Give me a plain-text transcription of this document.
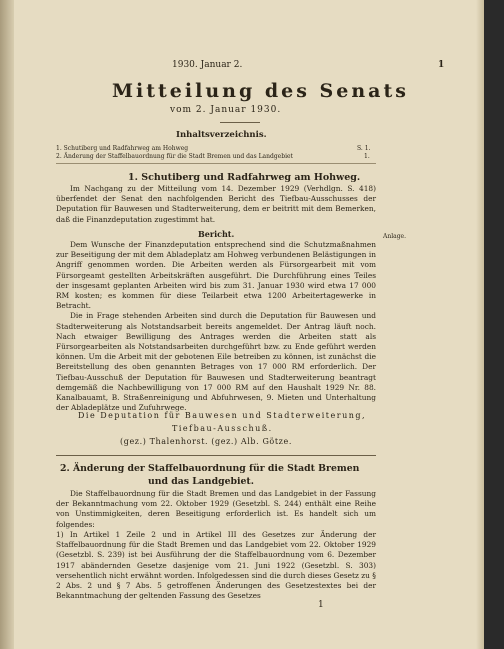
1930. Januar 2.	1
Mitteilung des Senats
vom 2. Januar 1930.
Inhaltsverzeichnis.
1. Schutiberg und Radfahrweg am Hohweg	S. 1.
2. Änderung der Staffelbauordnung für die Stadt Bremen und das Landgebiet	1.
1. Schutiberg und Radfahrweg am Hohweg.

Im Nachgang zu der Mitteilung vom 14. Dezember 1929 (Verhdlgn. S. 418) überfendet der Senat den nachfolgenden Bericht des Tiefbau-Ausschusses der Deputation für Bauwesen und Stadterweiterung, dem er beitritt mit dem Bemerken, daß die Finanzdeputation zugestimmt hat.

Bericht.	Anlage.

Dem Wunsche der Finanzdeputation entsprechend sind die Schutzmaßnahmen zur Beseitigung der mit dem Abladeplatz am Hohweg verbundenen Belästigungen in Angriff genommen worden. Die Arbeiten werden als Fürsorgearbeit mit vom Fürsorgeamt gestellten Arbeitskräften ausgeführt. Die Durchführung eines Teiles der insgesamt geplanten Arbeiten wird bis zum 31. Januar 1930 wird etwa 17 000 RM kosten; es kommen für diese Teilarbeit etwa 1200 Arbeitertagewerke in Betracht.

Die in Frage stehenden Arbeiten sind durch die Deputation für Bauwesen und Stadterweiterung als Notstandsarbeit bereits angemeldet. Der Antrag läuft noch. Nach etwaiger Bewilligung des Antrages werden die Arbeiten statt als Fürsorgearbeiten als Notstandsarbeiten durchgeführt bzw. zu Ende geführt werden können. Um die Arbeit mit der gebotenen Eile betreiben zu können, ist zunächst die Bereitstellung des oben genannten Betrages von 17 000 RM erforderlich. Der Tiefbau-Ausschuß der Deputation für Bauwesen und Stadterweiterung beantragt demgemäß die Nachbewilligung von 17 000 RM auf den Haushalt 1929 Nr. 88. Kanalbauamt, B. Straßenreinigung und Abfuhrwesen, 9. Mieten und Unterhaltung der Abladeplätze und Zufuhrwege.

Die Deputation für Bauwesen und Stadterweiterung,
Tiefbau-Ausschuß.
(gez.) Thalenhorst. (gez.) Alb. Götze.
2. Änderung der Staffelbauordnung für die Stadt Bremen
und das Landgebiet.

Die Staffelbauordnung für die Stadt Bremen und das Landgebiet in der Fassung der Bekanntmachung vom 22. Oktober 1929 (Gesetzbl. S. 244) enthält eine Reihe von Unstimmigkeiten, deren Beseitigung erforderlich ist. Es handelt sich um folgendes:

1) In Artikel 1 Zeile 2 und in Artikel III des Gesetzes zur Änderung der Staffelbauordnung für die Stadt Bremen und das Landgebiet vom 22. Oktober 1929 (Gesetzbl. S. 239) ist bei Ausführung der die Staffelbauordnung vom 6. Dezember 1917 abändernden Gesetze dasjenige vom 21. Juni 1922 (Gesetzbl. S. 303) versehentlich nicht erwähnt worden. Infolgedessen sind die durch dieses Gesetz zu § 2 Abs. 2 und § 7 Abs. 5 getroffenen Änderungen des Gesetzestextes bei der Bekanntmachung der geltenden Fassung des Gesetzes

1
